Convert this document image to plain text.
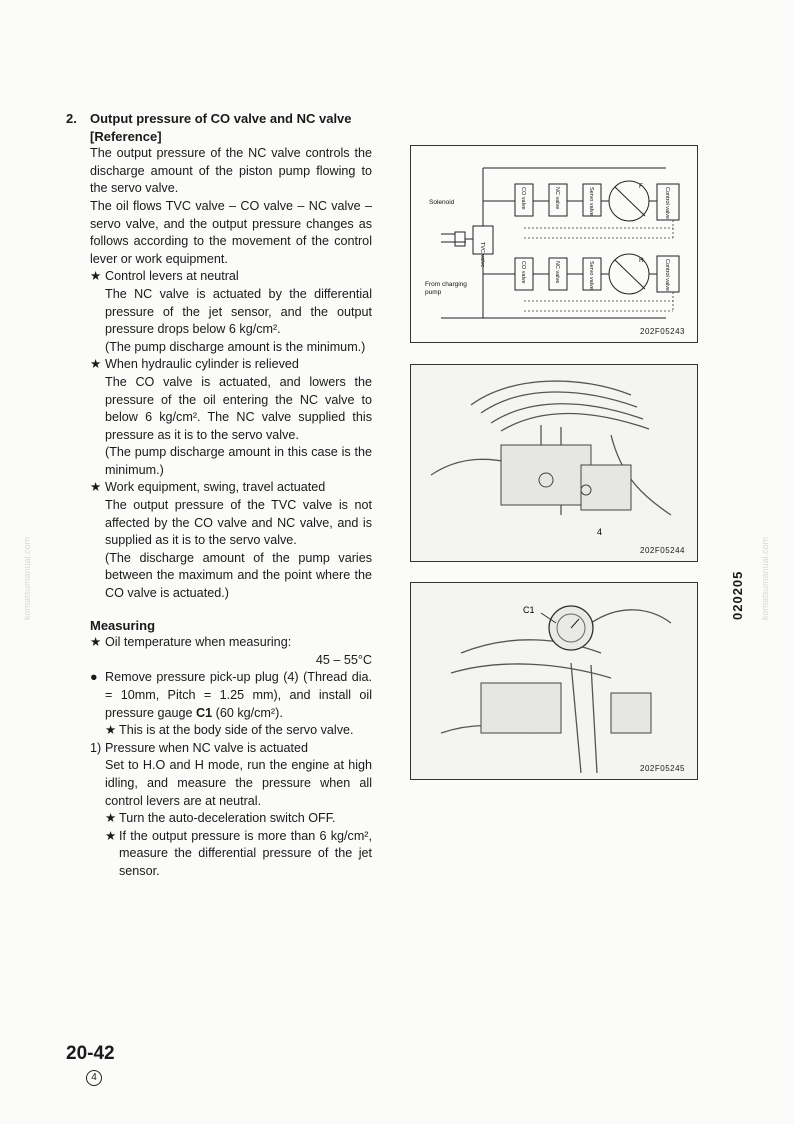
2. Output pressure of CO valve and NC valve
[Reference]

The output pressure of the NC valve controls the discharge amount of the piston pump flowing to the servo valve.

The oil flows TVC valve – CO valve – NC valve – servo valve, and the output pressure changes as follows according to the movement of the control lever or work equipment.

★ Control levers at neutral
The NC valve is actuated by the differential pressure of the jet sensor, and the output pressure drops below 6 kg/cm².
(The pump discharge amount is the minimum.)
★ When hydraulic cylinder is relieved
The CO valve is actuated, and lowers the pressure of the oil entering the NC valve to below 6 kg/cm². The NC valve supplied this pressure as it is to the servo valve.
(The pump discharge amount in this case is the minimum.)
★ Work equipment, swing, travel actuated
The output pressure of the TVC valve is not affected by the CO valve and NC valve, and is supplied as it is to the servo valve.
(The discharge amount of the pump varies between the maximum and the point where the CO valve is actuated.)
Measuring
★ Oil temperature when measuring:
45 – 55°C
● Remove pressure pick-up plug (4) (Thread dia. = 10mm, Pitch = 1.25 mm), and install oil pressure gauge C1 (60 kg/cm²).
★ This is at the body side of the servo valve.
1) Pressure when NC valve is actuated
Set to H.O and H mode, run the engine at high idling, and measure the pressure when all control levers are at neutral.
★ Turn the auto-deceleration switch OFF.
★ If the output pressure is more than 6 kg/cm², measure the differential pressure of the jet sensor.
Solenoid
From charging
pump
F
R
TVC valve
CO valve	NC valve	Servo valve	Control valve
CO valve	NC valve	Servo valve	Control valve
202F05243
4
202F05244
C1
202F05245
020205
komatsumanual.com	komatsumanual.com
20-42
4
